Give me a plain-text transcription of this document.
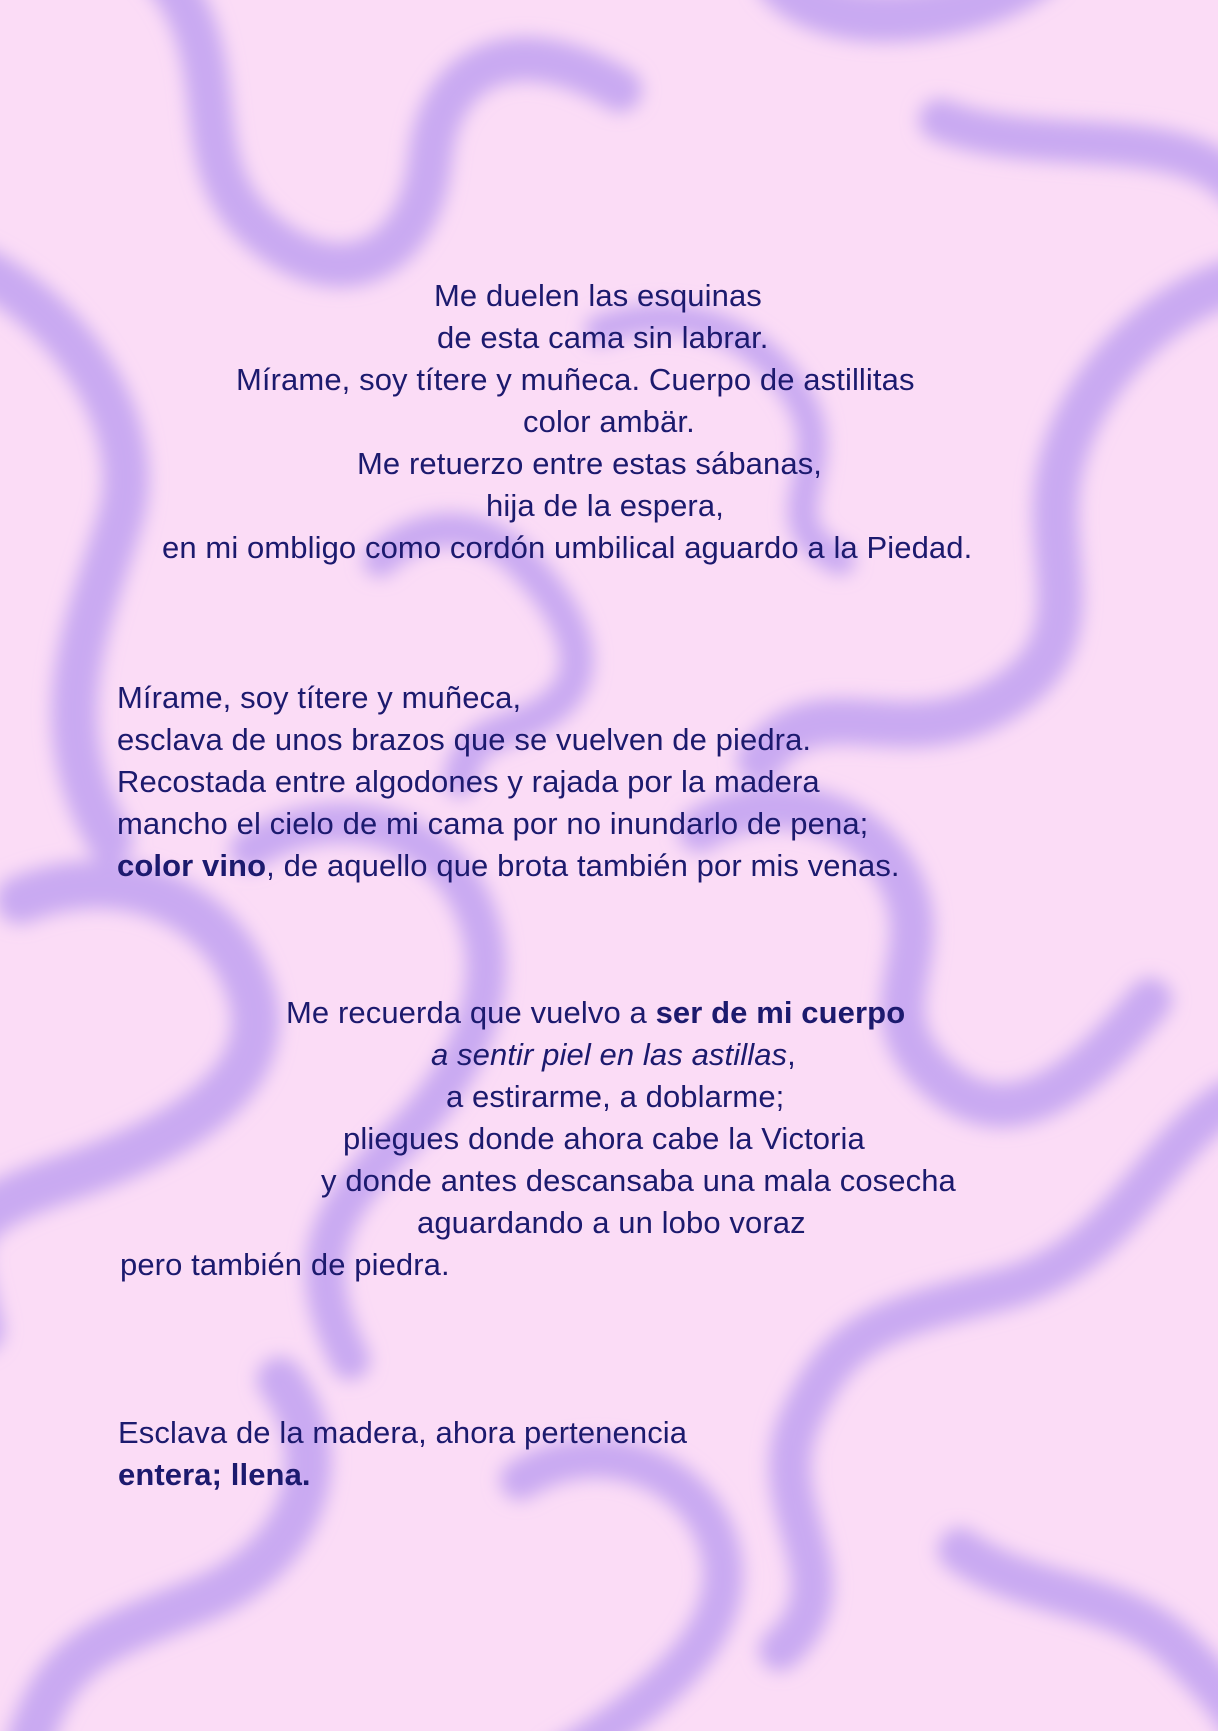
Me duelen las esquinas
de esta cama sin labrar.
Mírame, soy títere y muñeca. Cuerpo de astillitas
color ambär.
Me retuerzo entre estas sábanas,
hija de la espera,
en mi ombligo como cordón umbilical aguardo a la Piedad.
Mírame, soy títere y muñeca,
esclava de unos brazos que se vuelven de piedra.
Recostada entre algodones y rajada por la madera
mancho el cielo de mi cama por no inundarlo de pena;
color vino, de aquello que brota también por mis venas.
Me recuerda que vuelvo a ser de mi cuerpo
a sentir piel en las astillas,
a estirarme, a doblarme;
pliegues donde ahora cabe la Victoria
y donde antes descansaba una mala cosecha
aguardando a un lobo voraz
pero también de piedra.
Esclava de la madera, ahora pertenencia
entera; llena.
